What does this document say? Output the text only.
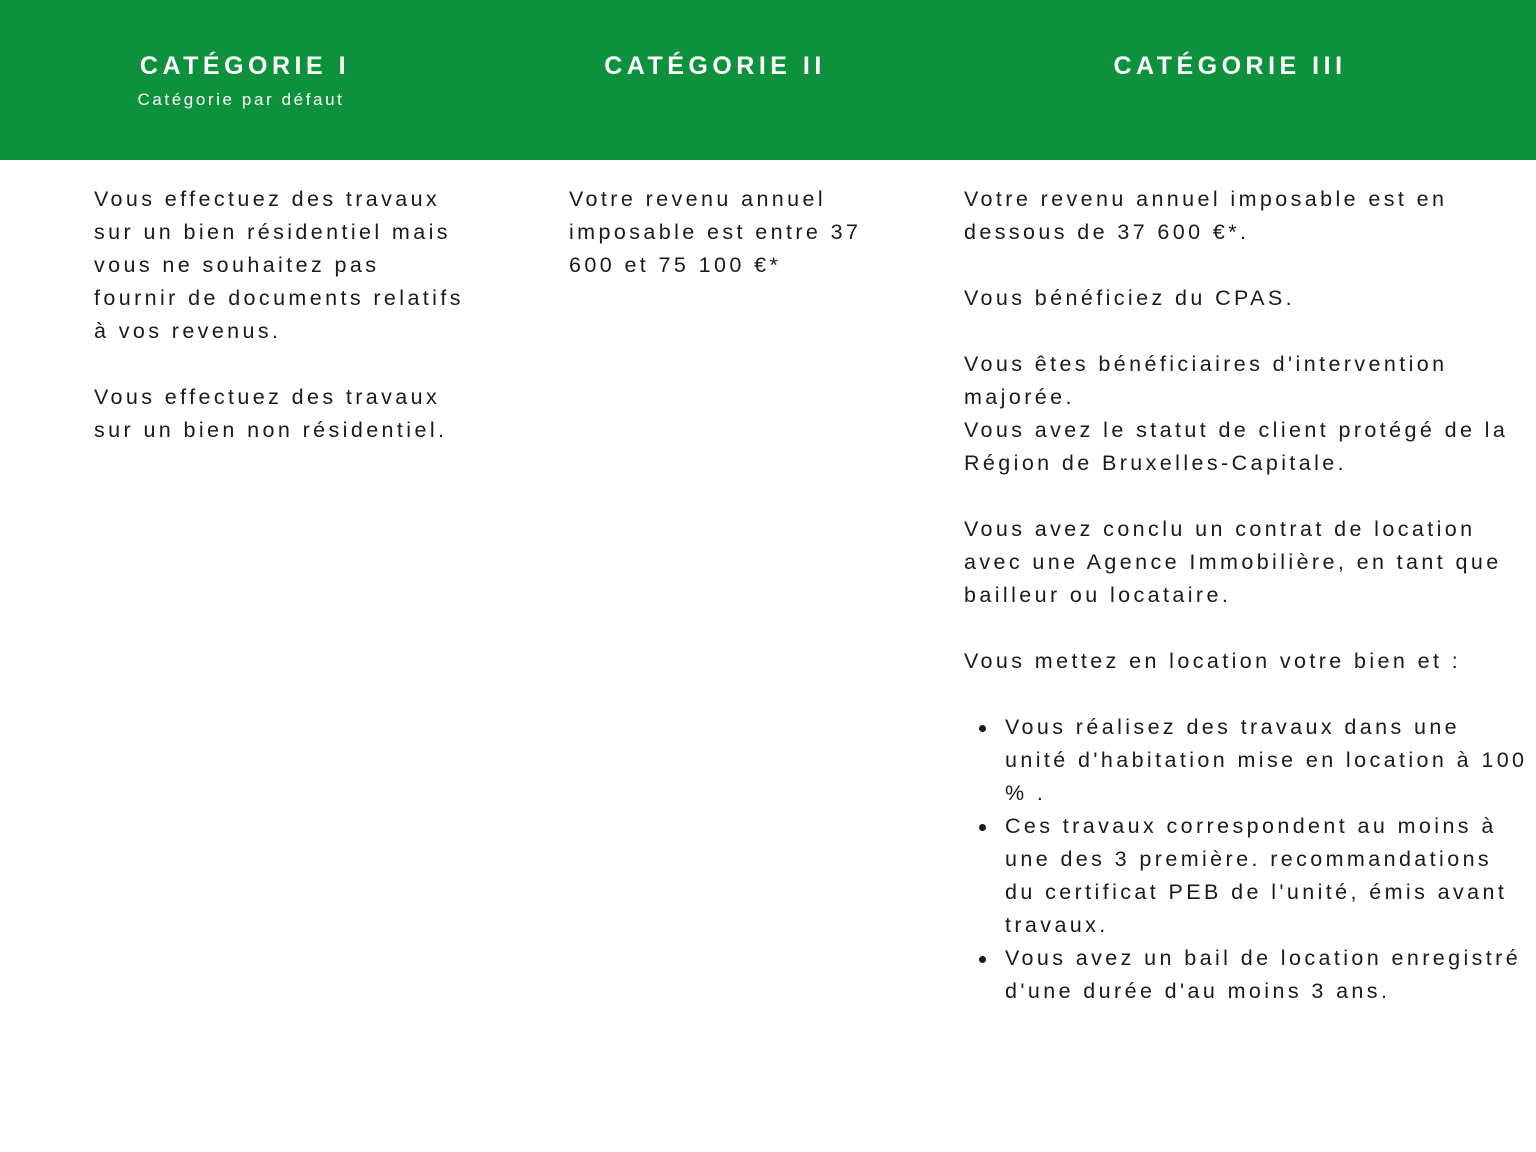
CATÉGORIE I
Catégorie par défaut
CATÉGORIE II	CATÉGORIE III

Vous effectuez des travaux sur un bien résidentiel mais vous ne souhaitez pas fournir de documents relatifs à vos revenus.

Vous effectuez des travaux sur un bien non résidentiel.

Votre revenu annuel imposable est entre 37 600 et 75 100 €*

Votre revenu annuel imposable est en dessous de 37 600 €*.

Vous bénéficiez du CPAS.

Vous êtes bénéficiaires d'intervention majorée.

Vous avez le statut de client protégé de la Région de Bruxelles-Capitale.

Vous avez conclu un contrat de location avec une Agence Immobilière, en tant que bailleur ou locataire.

Vous mettez en location votre bien et :

Vous réalisez des travaux dans une unité d'habitation mise en location à 100 % .
Ces travaux correspondent au moins à une des 3 première. recommandations du certificat PEB de l'unité, émis avant travaux.
Vous avez un bail de location enregistré d'une durée d'au moins 3 ans.
